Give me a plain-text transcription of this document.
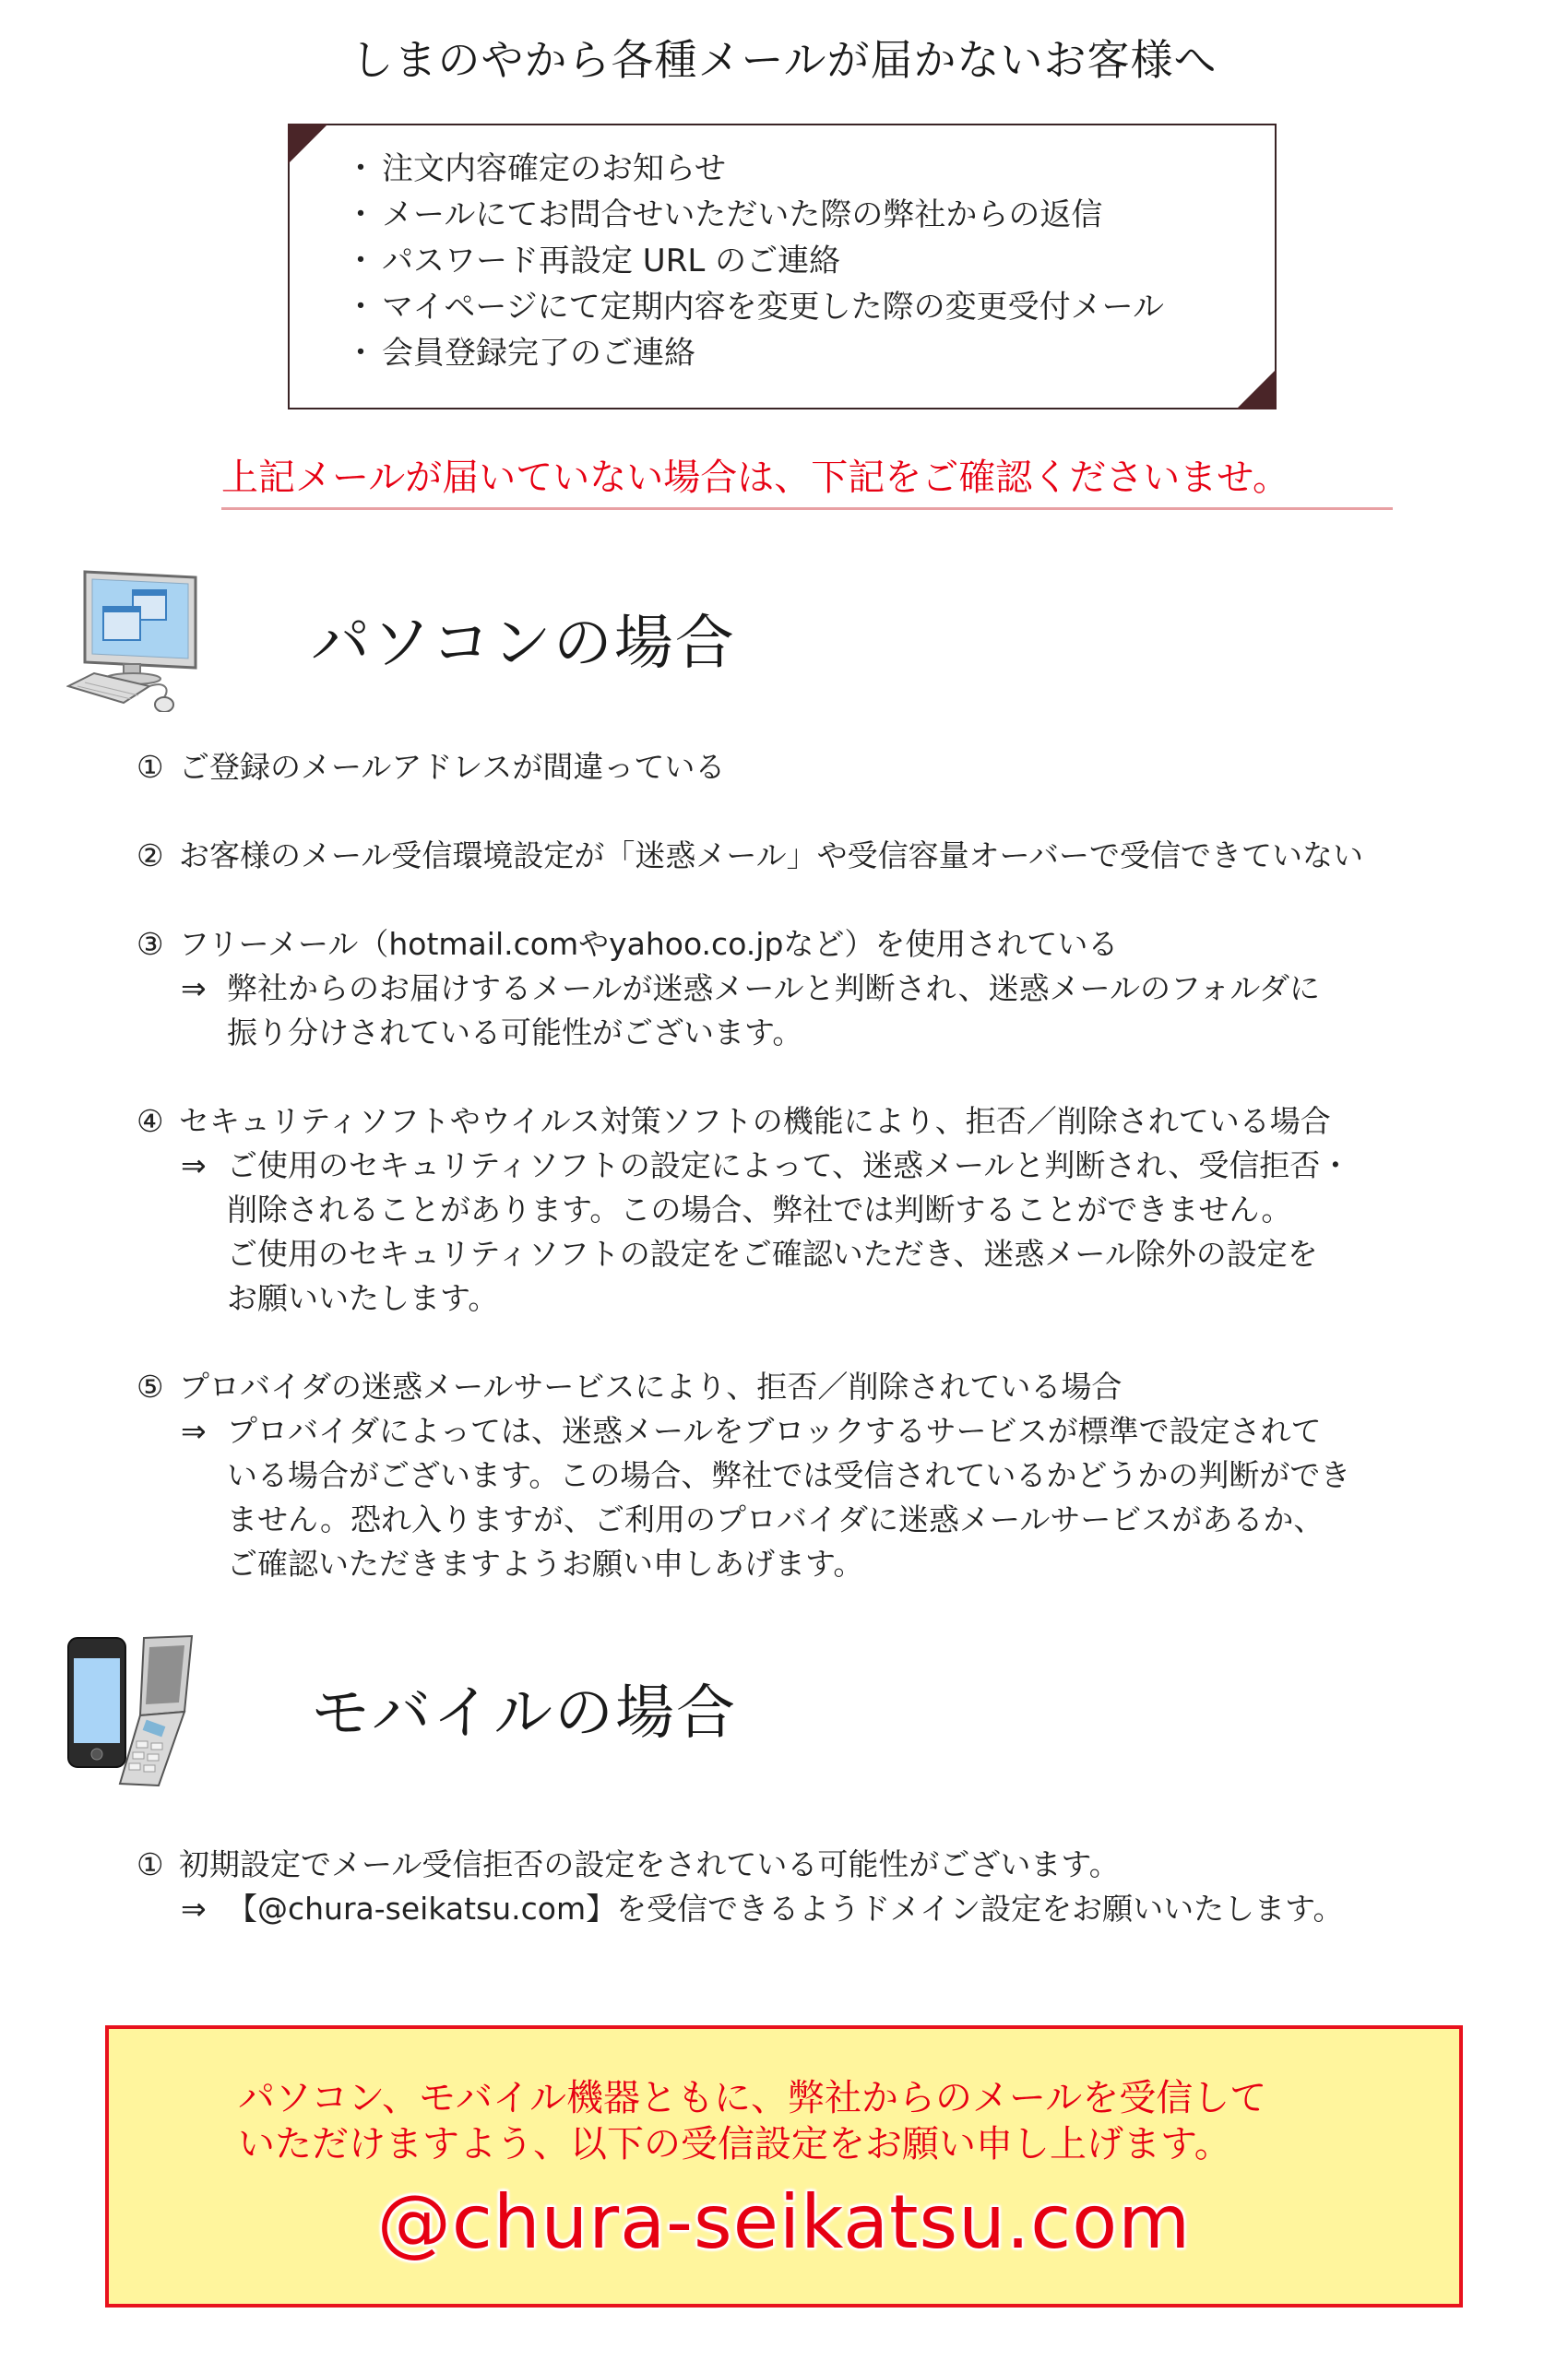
しまのやから各種メールが届かないお客様へ
・ 注文内容確定のお知らせ
・ メールにてお問合せいただいた際の弊社からの返信
・ パスワード再設定 URL のご連絡
・ マイページにて定期内容を変更した際の変更受付メール
・ 会員登録完了のご連絡
上記メールが届いていない場合は、下記をご確認くださいませ。
パソコンの場合
① ご登録のメールアドレスが間違っている
② お客様のメール受信環境設定が「迷惑メール」や受信容量オーバーで受信できていない
③ フリーメール（hotmail.comやyahoo.co.jpなど）を使用されている
⇒ 弊社からのお届けするメールが迷惑メールと判断され、迷惑メールのフォルダに
振り分けされている可能性がございます。
④ セキュリティソフトやウイルス対策ソフトの機能により、拒否／削除されている場合
⇒ ご使用のセキュリティソフトの設定によって、迷惑メールと判断され、受信拒否・
削除されることがあります。この場合、弊社では判断することができません。
ご使用のセキュリティソフトの設定をご確認いただき、迷惑メール除外の設定を
お願いいたします。
⑤ プロバイダの迷惑メールサービスにより、拒否／削除されている場合
⇒ プロバイダによっては、迷惑メールをブロックするサービスが標準で設定されて
いる場合がございます。この場合、弊社では受信されているかどうかの判断ができ
ません。恐れ入りますが、ご利用のプロバイダに迷惑メールサービスがあるか、
ご確認いただきますようお願い申しあげます。
モバイルの場合
① 初期設定でメール受信拒否の設定をされている可能性がございます。
⇒ 【@chura-seikatsu.com】を受信できるようドメイン設定をお願いいたします。
パソコン、モバイル機器ともに、弊社からのメールを受信して
いただけますよう、以下の受信設定をお願い申し上げます。
@chura-seikatsu.com
